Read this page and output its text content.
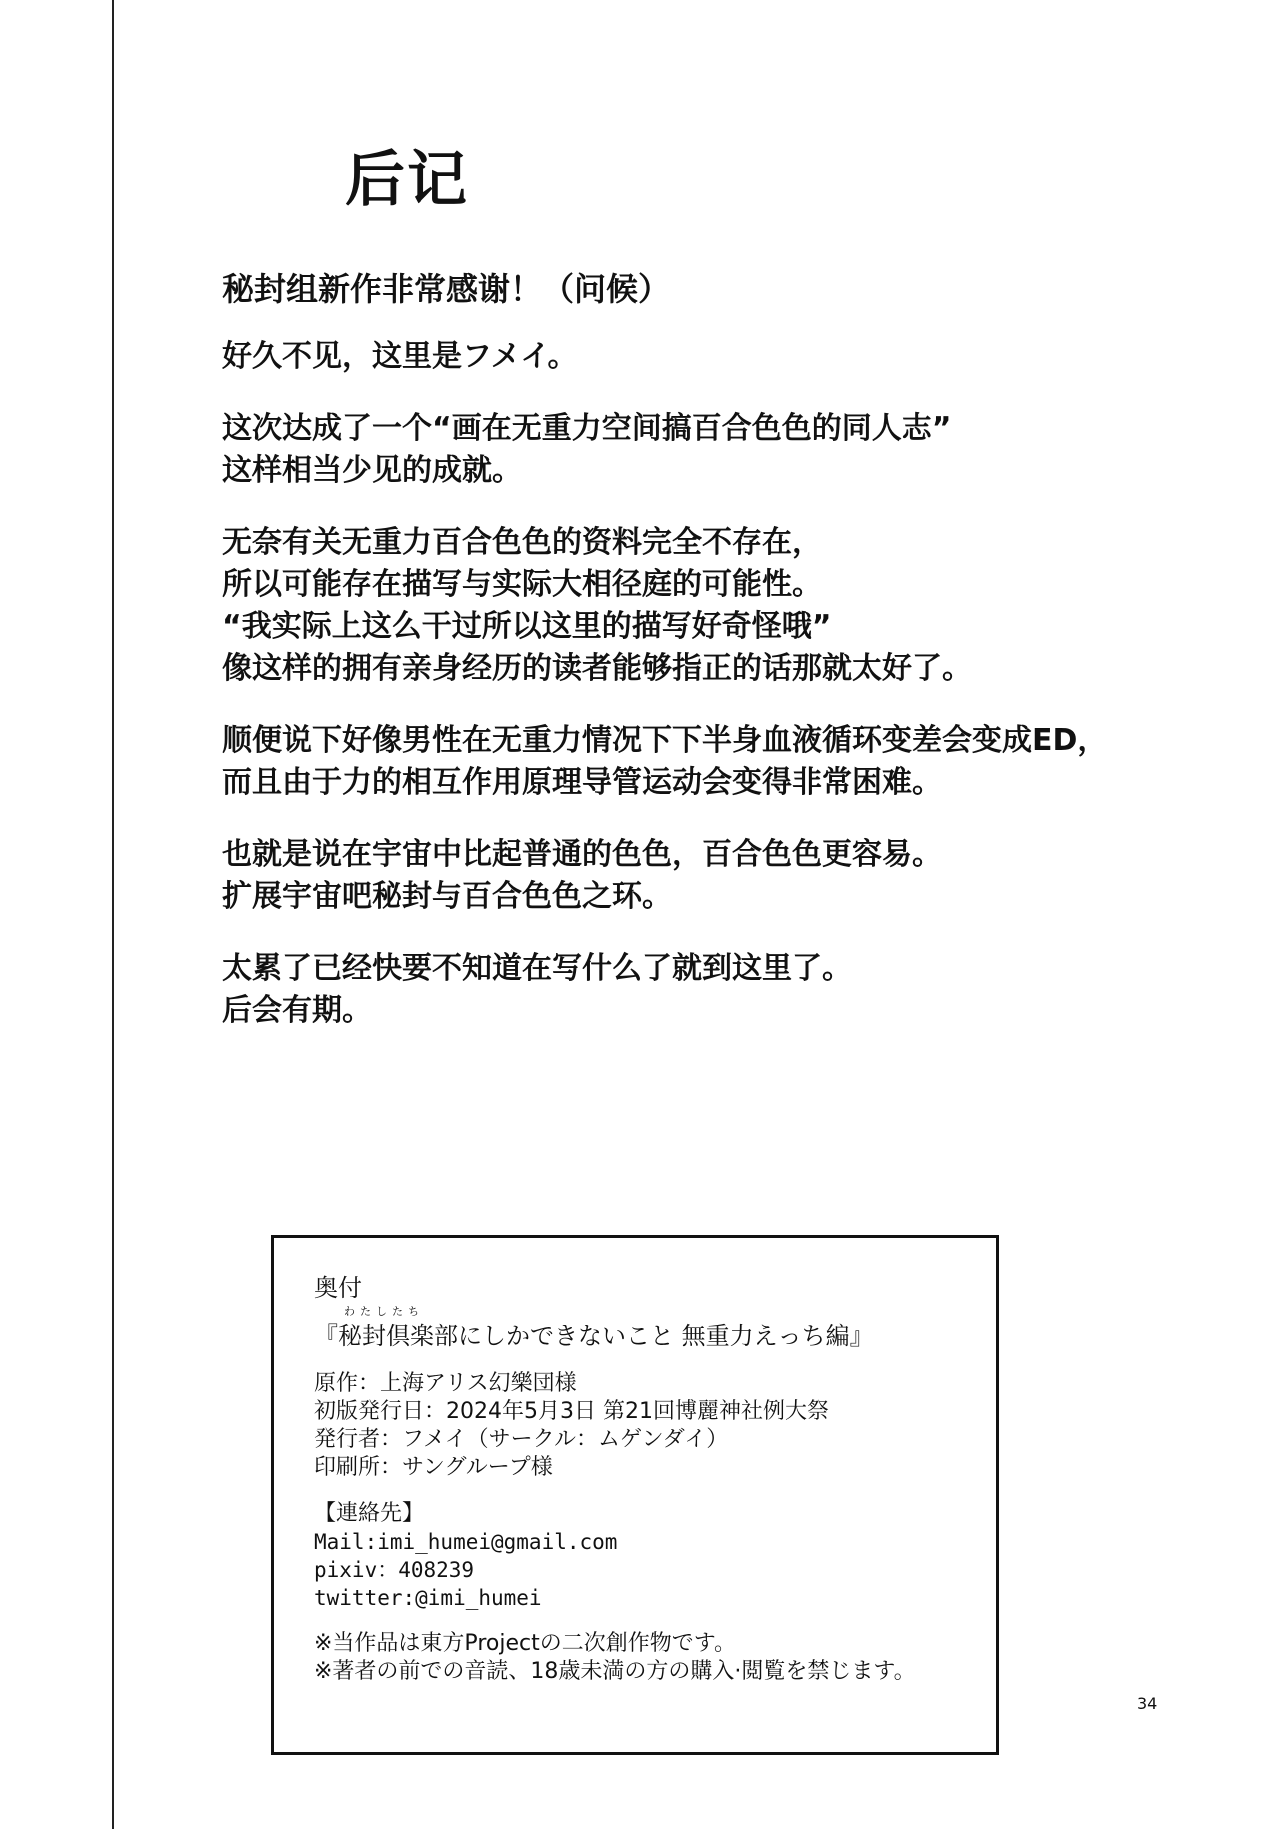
后记
秘封组新作非常感谢！（问候）
好久不见，这里是フメイ。
这次达成了一个“画在无重力空间搞百合色色的同人志”
这样相当少见的成就。
无奈有关无重力百合色色的资料完全不存在，
所以可能存在描写与实际大相径庭的可能性。
“我实际上这么干过所以这里的描写好奇怪哦”
像这样的拥有亲身经历的读者能够指正的话那就太好了。
顺便说下好像男性在无重力情况下下半身血液循环变差会变成ED，
而且由于力的相互作用原理导管运动会变得非常困难。
也就是说在宇宙中比起普通的色色，百合色色更容易。
扩展宇宙吧秘封与百合色色之环。
太累了已经快要不知道在写什么了就到这里了。
后会有期。
奥付
わたしたち
『秘封倶楽部にしかできないこと 無重力えっち編』
原作：上海アリス幻樂団様
初版発行日：2024年5月3日 第21回博麗神社例大祭
発行者：フメイ（サークル：ムゲンダイ）
印刷所：サングループ様
【連絡先】
Mail:imi_humei@gmail.com
pixiv：408239
twitter:@imi_humei
※当作品は東方Projectの二次創作物です。
※著者の前での音読、18歳未満の方の購入·閲覧を禁じます。
34
